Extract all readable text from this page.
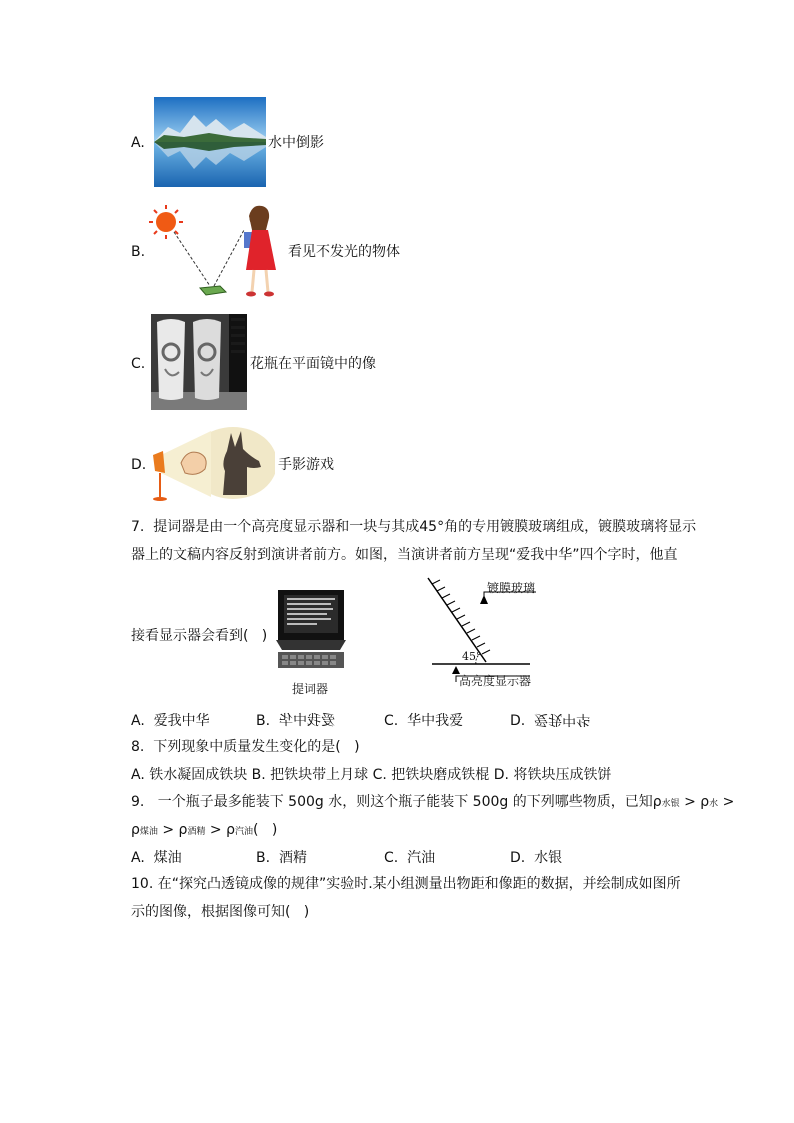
A.	水中倒影
B.	看见不发光的物体
C.	花瓶在平面镜中的像
D.	手影游戏
7.  提词器是由一个高亮度显示器和一块与其成45°角的专用镀膜玻璃组成，镀膜玻璃将显示
器上的文稿内容反射到演讲者前方。如图，当演讲者前方呈现“爱我中华”四个字时，他直
接看显示器会看到(   )
提词器
镀膜玻璃
45°
高亮度显示器
A. 爱我中华	B. 爱我中华	C. 华中我爱	D. 爱我中华
8.  下列现象中质量发生变化的是(   )
A. 铁水凝固成铁块 B. 把铁块带上月球 C. 把铁块磨成铁棍 D. 将铁块压成铁饼
9.   一个瓶子最多能装下 500g 水，则这个瓶子能装下 500g 的下列哪些物质，已知ρ水银 > ρ水 >
ρ煤油 > ρ酒精 > ρ汽油(   )
A.  煤油	B.  酒精	C.  汽油	D.  水银
10. 在“探究凸透镜成像的规律”实验时.某小组测量出物距和像距的数据，并绘制成如图所
示的图像，根据图像可知(   )
